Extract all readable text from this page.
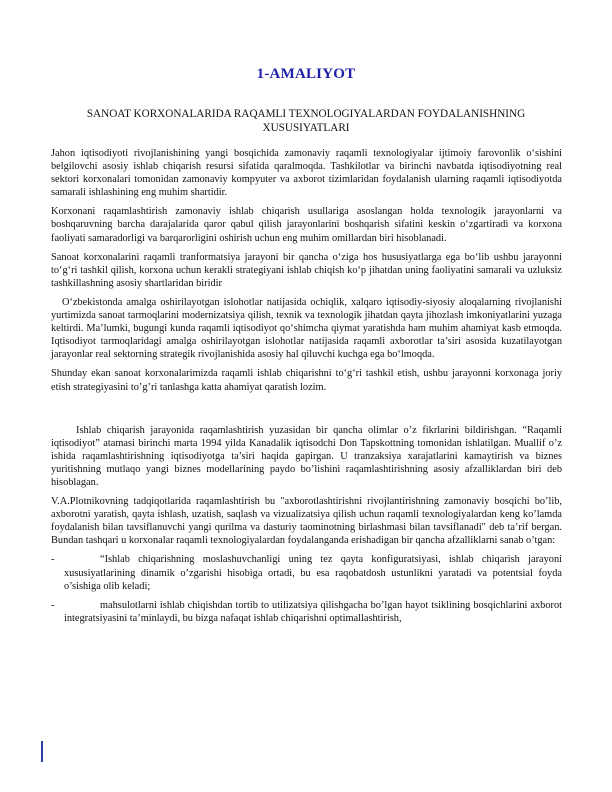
1-AMALIYOT
SANOAT KORXONALARIDA RAQAMLI TEXNOLOGIYALARDAN FOYDALANISHNING XUSUSIYATLARI

Jahon iqtisodiyoti rivojlanishining yangi bosqichida zamonaviy raqamli texnologiyalar ijtimoiy farovonlik o‘sishini belgilovchi asosiy ishlab chiqarish resursi sifatida qaralmoqda. Tashkilotlar va birinchi navbatda iqtisodiyotning real sektori korxonalari tomonidan zamonaviy kompyuter va axborot tizimlaridan foydalanish ularning raqamli iqtisodiyotda samarali ishlashining eng muhim shartidir.

Korxonani raqamlashtirish zamonaviy ishlab chiqarish usullariga asoslangan holda texnologik jarayonlarni va boshqaruvning barcha darajalarida qaror qabul qilish jarayonlarini boshqarish sifatini keskin o‘zgartiradi va korxona faoliyati samaradorligi va barqarorligini oshirish uchun eng muhim omillardan biri hisoblanadi.

Sanoat korxonalarini raqamli tranformatsiya jarayoni bir qancha o‘ziga hos hususiyatlarga ega bo‘lib ushbu jarayonni to‘g‘ri tashkil qilish, korxona uchun kerakli strategiyani ishlab chiqish ko‘p jihatdan uning faoliyatini samarali va uzluksiz tashkillashning asosiy shartlaridan biridir

O‘zbekistonda amalga oshirilayotgan islohotlar natijasida ochiqlik, xalqaro iqtisodiy-siyosiy aloqalarning rivojlanishi yurtimizda sanoat tarmoqlarini modernizatsiya qilish, texnik va texnologik jihatdan qayta jihozlash imkoniyatlarini yuzaga keltirdi. Ma’lumki, bugungi kunda raqamli iqtisodiyot qo‘shimcha qiymat yaratishda ham muhim ahamiyat kasb etmoqda. Iqtisodiyot tarmoqlaridagi amalga oshirilayotgan islohotlar natijasida raqamli axborotlar ta’siri asosida kuzatilayotgan jarayonlar real sektorning strategik rivojlanishida asosiy hal qiluvchi kuchga ega bo‘lmoqda.

Shunday ekan sanoat korxonalarimizda raqamli ishlab chiqarishni to‘g‘ri tashkil etish, ushbu jarayonni korxonaga joriy etish strategiyasini to’g’ri tanlashga katta ahamiyat qaratish lozim.

Ishlab chiqarish jarayonida raqamlashtirish yuzasidan bir qancha olimlar o’z fikrlarini bildirishgan. “Raqamli iqtisodiyot” atamasi birinchi marta 1994 yilda Kanadalik iqtisodchi Don Tapskottning tomonidan ishlatilgan. Muallif o’z ishida raqamlashtirishning iqtisodiyotga ta’siri haqida gapirgan. U tranzaksiya xarajatlarini kamaytirish va biznes yuritishning mutlaqo yangi biznes modellarining paydo bo’lishini raqamlashtirishning asosiy afzalliklardan biri deb hisoblagan.

V.A.Plotnikovning tadqiqotlarida raqamlashtirish bu "axborotlashtirishni rivojlantirishning zamonaviy bosqichi bo’lib, axborotni yaratish, qayta ishlash, uzatish, saqlash va vizualizatsiya qilish uchun raqamli texnologiyalardan keng ko’lamda foydalanish bilan tavsiflanuvchi yangi qurilma va dasturiy taominotning birlashmasi bilan tavsiflanadi" deb ta’rif bergan. Bundan tashqari u korxonalar raqamli texnologiyalardan foydalanganda erishadigan bir qancha afzalliklarni sanab o’tgan:

-	“Ishlab chiqarishning moslashuvchanligi uning tez qayta konfiguratsiyasi, ishlab chiqarish jarayoni xususiyatlarining dinamik o’zgarishi hisobiga ortadi, bu esa raqobatdosh ustunlikni yaratadi va potentsial foyda o’sishiga olib keladi;
-	mahsulotlarni ishlab chiqishdan tortib to utilizatsiya qilishgacha bo’lgan hayot tsiklining bosqichlarini axborot integratsiyasini ta’minlaydi, bu bizga nafaqat ishlab chiqarishni optimallashtirish,
